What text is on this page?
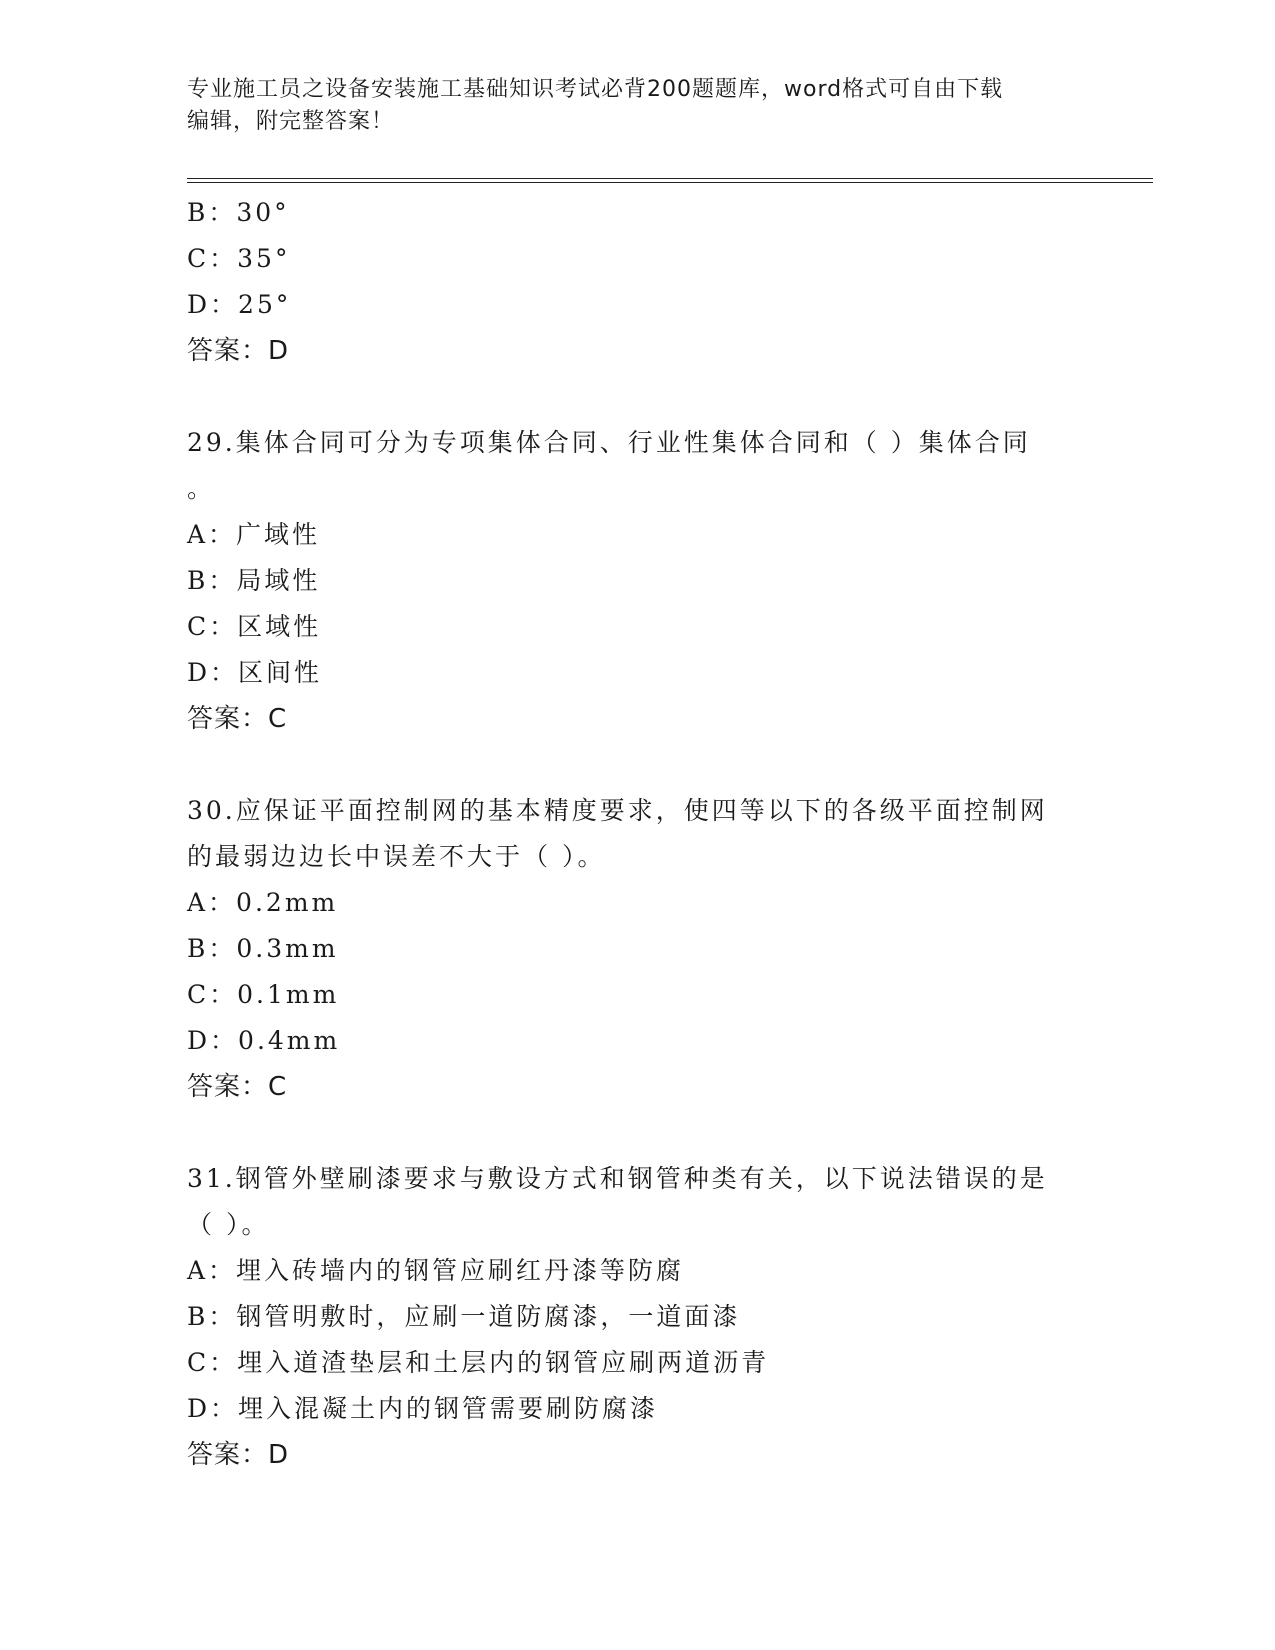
专业施工员之设备安装施工基础知识考试必背200题题库，word格式可自由下载
编辑，附完整答案！
B：30°
C：35°
D：25°
答案：D
29.集体合同可分为专项集体合同、行业性集体合同和（ ）集体合同
。
A：广域性
B：局域性
C：区域性
D：区间性
答案：C
30.应保证平面控制网的基本精度要求，使四等以下的各级平面控制网
的最弱边边长中误差不大于（ ）。
A：0.2mm
B：0.3mm
C：0.1mm
D：0.4mm
答案：C
31.钢管外壁刷漆要求与敷设方式和钢管种类有关，以下说法错误的是
（ ）。
A：埋入砖墙内的钢管应刷红丹漆等防腐
B：钢管明敷时，应刷一道防腐漆，一道面漆
C：埋入道渣垫层和土层内的钢管应刷两道沥青
D：埋入混凝土内的钢管需要刷防腐漆
答案：D
